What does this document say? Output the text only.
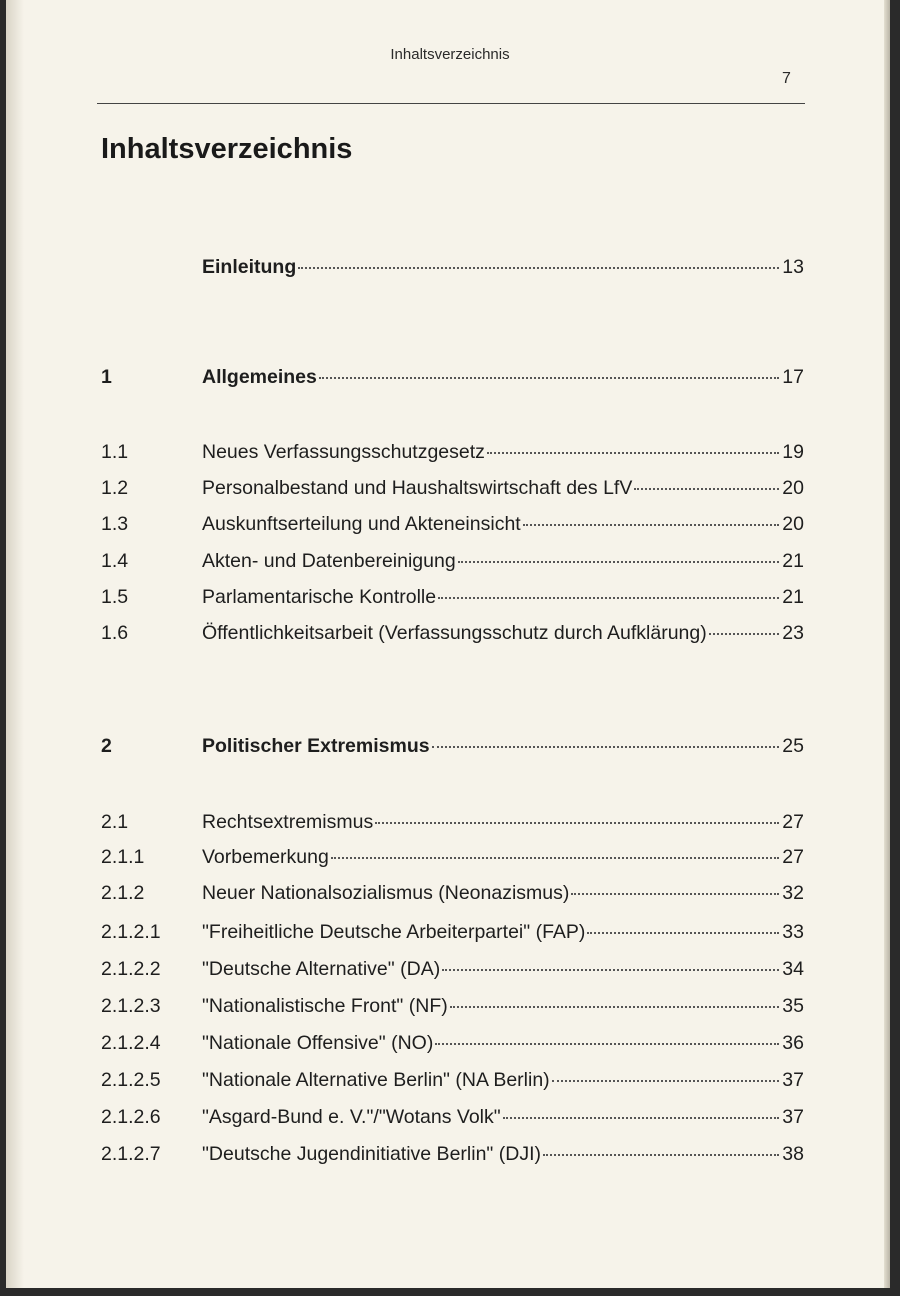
Inhaltsverzeichnis
7
Inhaltsverzeichnis
Einleitung	13
1	Allgemeines	17
1.1	Neues Verfassungsschutzgesetz	19
1.2	Personalbestand und Haushaltswirtschaft des LfV	20
1.3	Auskunftserteilung und Akteneinsicht	20
1.4	Akten- und Datenbereinigung	21
1.5	Parlamentarische Kontrolle	21
1.6	Öffentlichkeitsarbeit (Verfassungsschutz durch Aufklärung)	23
2	Politischer Extremismus	25
2.1	Rechtsextremismus	27
2.1.1	Vorbemerkung	27
2.1.2	Neuer Nationalsozialismus (Neonazismus)	32
2.1.2.1 "Freiheitliche Deutsche Arbeiterpartei" (FAP)	33
2.1.2.2 "Deutsche Alternative" (DA)	34
2.1.2.3 "Nationalistische Front" (NF)	35
2.1.2.4 "Nationale Offensive" (NO)	36
2.1.2.5 "Nationale Alternative Berlin" (NA Berlin)	37
2.1.2.6 "Asgard-Bund e. V."/"Wotans Volk"	37
2.1.2.7 "Deutsche Jugendinitiative Berlin" (DJI)	38
